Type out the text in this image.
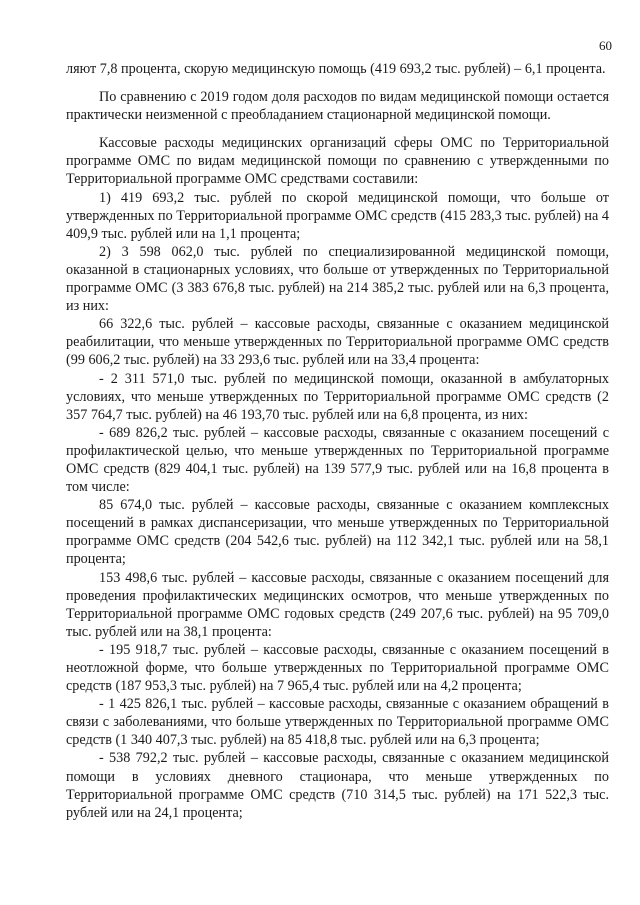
60

ляют 7,8 процента, скорую медицинскую помощь (419 693,2 тыс. рублей) – 6,1 процента.

По сравнению с 2019 годом доля расходов по видам медицинской помощи остается практически неизменной с преобладанием стационарной медицинской помощи.

Кассовые расходы медицинских организаций сферы ОМС по Территориальной программе ОМС по видам медицинской помощи по сравнению с утвержденными по Территориальной программе ОМС средствами составили:

1) 419 693,2 тыс. рублей по скорой медицинской помощи, что больше от утвержденных по Территориальной программе ОМС средств (415 283,3 тыс. рублей) на 4 409,9 тыс. рублей или на 1,1 процента;

2) 3 598 062,0 тыс. рублей по специализированной медицинской помощи, оказанной в стационарных условиях, что больше от утвержденных по Территориальной программе ОМС (3 383 676,8 тыс. рублей) на 214 385,2 тыс. рублей или на 6,3 процента, из них:

66 322,6 тыс. рублей – кассовые расходы, связанные с оказанием медицинской реабилитации, что меньше утвержденных по Территориальной программе ОМС средств (99 606,2 тыс. рублей) на 33 293,6 тыс. рублей или на 33,4 процента:

- 2 311 571,0 тыс. рублей по медицинской помощи, оказанной в амбулаторных условиях, что меньше утвержденных по Территориальной программе ОМС средств (2 357 764,7 тыс. рублей) на 46 193,70 тыс. рублей или на 6,8 процента, из них:

- 689 826,2 тыс. рублей – кассовые расходы, связанные с оказанием посещений с профилактической целью, что меньше утвержденных по Территориальной программе ОМС средств (829 404,1 тыс. рублей) на 139 577,9 тыс. рублей или на 16,8 процента в том числе:

85 674,0 тыс. рублей – кассовые расходы, связанные с оказанием комплексных посещений в рамках диспансеризации, что меньше утвержденных по Территориальной программе ОМС средств (204 542,6 тыс. рублей) на 112 342,1 тыс. рублей или на 58,1 процента;

153 498,6 тыс. рублей – кассовые расходы, связанные с оказанием посещений для проведения профилактических медицинских осмотров, что меньше утвержденных по Территориальной программе ОМС годовых средств (249 207,6 тыс. рублей) на 95 709,0 тыс. рублей или на 38,1 процента:

- 195 918,7 тыс. рублей – кассовые расходы, связанные с оказанием посещений в неотложной форме, что больше утвержденных по Территориальной программе ОМС средств (187 953,3 тыс. рублей) на 7 965,4 тыс. рублей или на 4,2 процента;

- 1 425 826,1 тыс. рублей – кассовые расходы, связанные с оказанием обращений в связи с заболеваниями, что больше утвержденных по Территориальной программе ОМС средств (1 340 407,3 тыс. рублей) на 85 418,8 тыс. рублей или на 6,3 процента;

- 538 792,2 тыс. рублей – кассовые расходы, связанные с оказанием медицинской помощи в условиях дневного стационара, что меньше утвержденных по Территориальной программе ОМС средств (710 314,5 тыс. рублей) на 171 522,3 тыс. рублей или на 24,1 процента;
